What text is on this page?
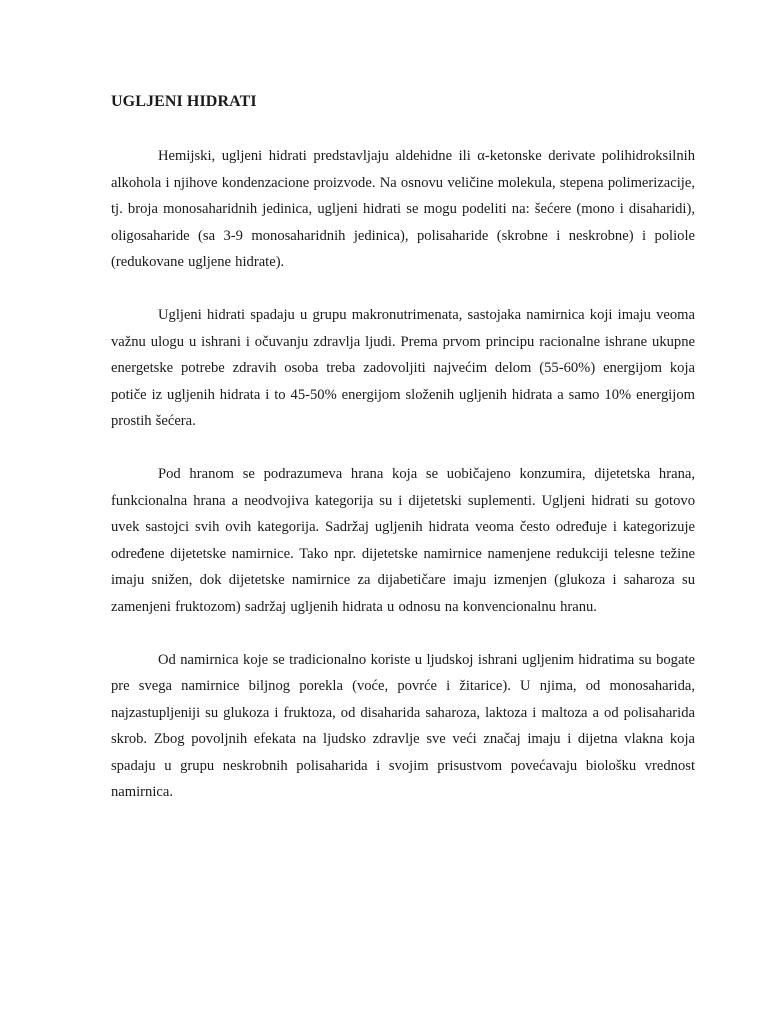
UGLJENI HIDRATI

Hemijski, ugljeni hidrati predstavljaju aldehidne ili α-ketonske derivate polihidroksilnih alkohola i njihove kondenzacione proizvode. Na osnovu veličine molekula, stepena polimerizacije, tj. broja monosaharidnih jedinica, ugljeni hidrati se mogu podeliti na: šećere (mono i disaharidi), oligosaharide (sa 3-9 monosaharidnih jedinica), polisaharide (skrobne i neskrobne) i poliole (redukovane ugljene hidrate).

Ugljeni hidrati spadaju u grupu makronutrimenata, sastojaka namirnica koji imaju veoma važnu ulogu u ishrani i očuvanju zdravlja ljudi. Prema prvom principu racionalne ishrane ukupne energetske potrebe zdravih osoba treba zadovoljiti najvećim delom (55-60%) energijom koja potiče iz ugljenih hidrata i to 45-50% energijom složenih ugljenih hidrata a samo 10% energijom prostih šećera.

Pod hranom se podrazumeva hrana koja se uobičajeno konzumira, dijetetska hrana, funkcionalna hrana a neodvojiva kategorija su i dijetetski suplementi. Ugljeni hidrati su gotovo uvek sastojci svih ovih kategorija. Sadržaj ugljenih hidrata veoma često određuje i kategorizuje određene dijetetske namirnice. Tako npr. dijetetske namirnice namenjene redukciji telesne težine imaju snižen, dok dijetetske namirnice za dijabetičare imaju izmenjen (glukoza i saharoza su zamenjeni fruktozom) sadržaj ugljenih hidrata u odnosu na konvencionalnu hranu.

Od namirnica koje se tradicionalno koriste u ljudskoj ishrani ugljenim hidratima su bogate pre svega namirnice biljnog porekla (voće, povrće i žitarice). U njima, od monosaharida, najzastupljeniji su glukoza i fruktoza, od disaharida saharoza, laktoza i maltoza a od polisaharida skrob. Zbog povoljnih efekata na ljudsko zdravlje sve veći značaj imaju i dijetna vlakna koja spadaju u grupu neskrobnih polisaharida i svojim prisustvom povećavaju biološku vrednost namirnica.
